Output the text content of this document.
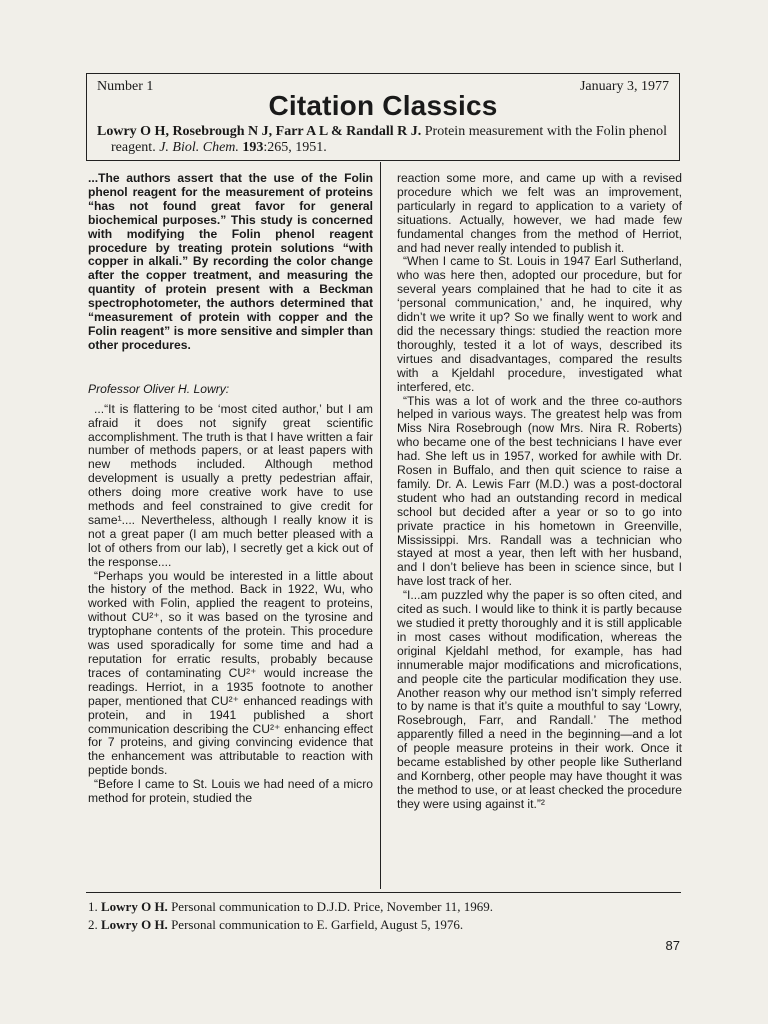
Number 1	January 3, 1977
Citation Classics
Lowry O H, Rosebrough N J, Farr A L & Randall R J. Protein measurement with the Folin phenol reagent. J. Biol. Chem. 193:265, 1951.

...The authors assert that the use of the Folin phenol reagent for the measurement of proteins “has not found great favor for general biochemical purposes.” This study is concerned with modifying the Folin phenol reagent procedure by treating protein solutions “with copper in alkali.” By recording the color change after the copper treatment, and measuring the quantity of protein present with a Beckman spectrophotometer, the authors determined that “measurement of protein with copper and the Folin reagent” is more sensitive and simpler than other procedures.

Professor Oliver H. Lowry:

...“It is flattering to be ‘most cited author,’ but I am afraid it does not signify great scientific accomplishment. The truth is that I have written a fair number of methods papers, or at least papers with new methods included. Although method development is usually a pretty pedestrian affair, others doing more creative work have to use methods and feel constrained to give credit for same¹.... Nevertheless, although I really know it is not a great paper (I am much better pleased with a lot of others from our lab), I secretly get a kick out of the response....

“Perhaps you would be interested in a little about the history of the method. Back in 1922, Wu, who worked with Folin, applied the reagent to proteins, without CU²⁺, so it was based on the tyrosine and tryptophane contents of the protein. This procedure was used sporadically for some time and had a reputation for erratic results, probably because traces of contaminating CU²⁺ would increase the readings. Herriot, in a 1935 footnote to another paper, mentioned that CU²⁺ enhanced readings with protein, and in 1941 published a short communication describing the CU²⁺ enhancing effect for 7 proteins, and giving convincing evidence that the enhancement was attributable to reaction with peptide bonds.

“Before I came to St. Louis we had need of a micro method for protein, studied the

reaction some more, and came up with a revised procedure which we felt was an improvement, particularly in regard to application to a variety of situations. Actually, however, we had made few fundamental changes from the method of Herriot, and had never really intended to publish it.

“When I came to St. Louis in 1947 Earl Sutherland, who was here then, adopted our procedure, but for several years complained that he had to cite it as ‘personal communication,’ and, he inquired, why didn’t we write it up? So we finally went to work and did the necessary things: studied the reaction more thoroughly, tested it a lot of ways, described its virtues and disadvantages, compared the results with a Kjeldahl procedure, investigated what interfered, etc.

“This was a lot of work and the three co-authors helped in various ways. The greatest help was from Miss Nira Rosebrough (now Mrs. Nira R. Roberts) who became one of the best technicians I have ever had. She left us in 1957, worked for awhile with Dr. Rosen in Buffalo, and then quit science to raise a family. Dr. A. Lewis Farr (M.D.) was a post-doctoral student who had an outstanding record in medical school but decided after a year or so to go into private practice in his hometown in Greenville, Mississippi. Mrs. Randall was a technician who stayed at most a year, then left with her husband, and I don’t believe has been in science since, but I have lost track of her.

“I...am puzzled why the paper is so often cited, and cited as such. I would like to think it is partly because we studied it pretty thoroughly and it is still applicable in most cases without modification, whereas the original Kjeldahl method, for example, has had innumerable major modifications and microfications, and people cite the particular modification they use. Another reason why our method isn’t simply referred to by name is that it’s quite a mouthful to say ‘Lowry, Rosebrough, Farr, and Randall.’ The method apparently filled a need in the beginning—and a lot of people measure proteins in their work. Once it became established by other people like Sutherland and Kornberg, other people may have thought it was the method to use, or at least checked the procedure they were using against it.”²

1. Lowry O H. Personal communication to D.J.D. Price, November 11, 1969.
2. Lowry O H. Personal communication to E. Garfield, August 5, 1976.
87
